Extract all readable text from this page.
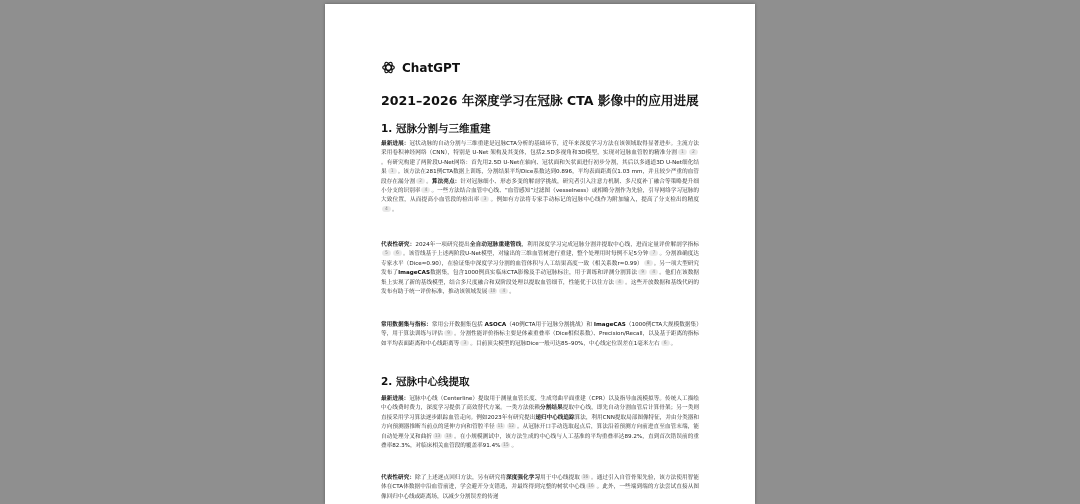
ChatGPT
2021–2026 年深度学习在冠脉 CTA 影像中的应用进展
1. 冠脉分割与三维重建

最新进展：冠状动脉的自动分割与三维重建是冠脉CTA分析的基础环节，近年来深度学习方法在该领域取得显著进步。主流方法采用卷积神经网络（CNN），特别是 U-Net 架构及其变体，包括2.5D多视角和3D模型，实现对冠脉血管腔的精准分割 1 2。有研究构建了两阶段U-Net网络：首先用2.5D U-Net在轴向、冠状面和矢状面进行初步分割，其后以多通道3D U-Net细化结果 1 。该方法在281例CTA数据上训练，分割结果平均Dice系数达到0.896，平均表面距离仅1.03 mm，并且较少严重的血管段存在漏分割 2 。算法亮点：针对冠脉细小、形态多变的解剖学挑战，研究者引入注意力机制、多尺度补丁融合等策略提升细小分支的识别率 4 。一些方法结合血管中心线、“血管感知”过滤图（vesselness）或相略分割作为先验，引导网络学习冠脉的大致位置，从而提高小血管段的检出率 3 。例如有方法将专家手动标记的冠脉中心线作为附加输入，提高了分支检出的精度4 。

代表性研究：2024年一项研究提出全自动冠脉重建管线，利用深度学习完成冠脉分割并提取中心线，进而定量评价解剖学指标5 6 。该管线基于上述两阶段U-Net模型，对输出的三维血管树进行重建，整个处理用时每例不足5分钟 7 。分割准确度达专家水平（Dice≈0.90），在验证集中深度学习分割的血管体积与人工结果高度一致（相关系数r≈0.99） 8 。另一项大型研究发布了ImageCAS数据集，包含1000例真实临床CTA影像及手动冠脉标注，用于训练和评测分割算法 9 4 。他们在该数据集上实现了新的基线模型，结合多尺度融合和双阶段处理以提取血管细节，性能优于以往方法 4 。这些开放数据和基线代码的发布有助于统一评价标准，推动该领域发展 10 4 。

常用数据集与指标：常用公开数据集包括 ASOCA（40例CTA用于冠脉分割挑战）和 ImageCAS（1000例CTA大规模数据集）等，用于算法训练与评估 9 。分割性能评价指标主要是体素重叠率（Dice相似系数）、Precision/Recall，以及基于距离的指标如平均表面距离和中心线距离等 3 。目前顶尖模型的冠脉Dice一般可达85–90%，中心线定位误差在1毫米左右 6 。

2. 冠脉中心线提取

最新进展：冠脉中心线（Centerline）提取用于测量血管长度、生成弯曲平面重建（CPR）以及指导血流模拟等。传统人工描绘中心线费时费力，深度学习提供了高效替代方案。一类方法依赖分割结果提取中心线，即先自动分割血管后计算骨架；另一类则直接采用学习算法逐步跟踪血管走向。例如2023年有研究提出递归中心线追踪算法，利用CNN提取局部图像特征，并由分类器和方向预测器推断当前点的延伸方向和管腔半径 11 12 。从冠脉开口手动选取起点后，算法沿着预测方向前进直至血管末端，能自动处理分叉和曲折 13 14 。在小规模测试中，该方法生成的中心线与人工基准的平均重叠率达89.2%，直到首次错误前的重叠率82.3%，对临床相关血管段的覆盖率91.4% 15 。

代表性研究：除了上述逐点回归方法，另有研究将深度强化学习用于中心线提取 16 。通过引入自管骨架先验，该方法使用智能体在CTA体数据中沿血管前进，学会避开分支错选，并最终得到完整的树状中心线 16 。此外，一些端到端的方法尝试直接从图像回归中心线或距离场，以减少分割误差的传递
